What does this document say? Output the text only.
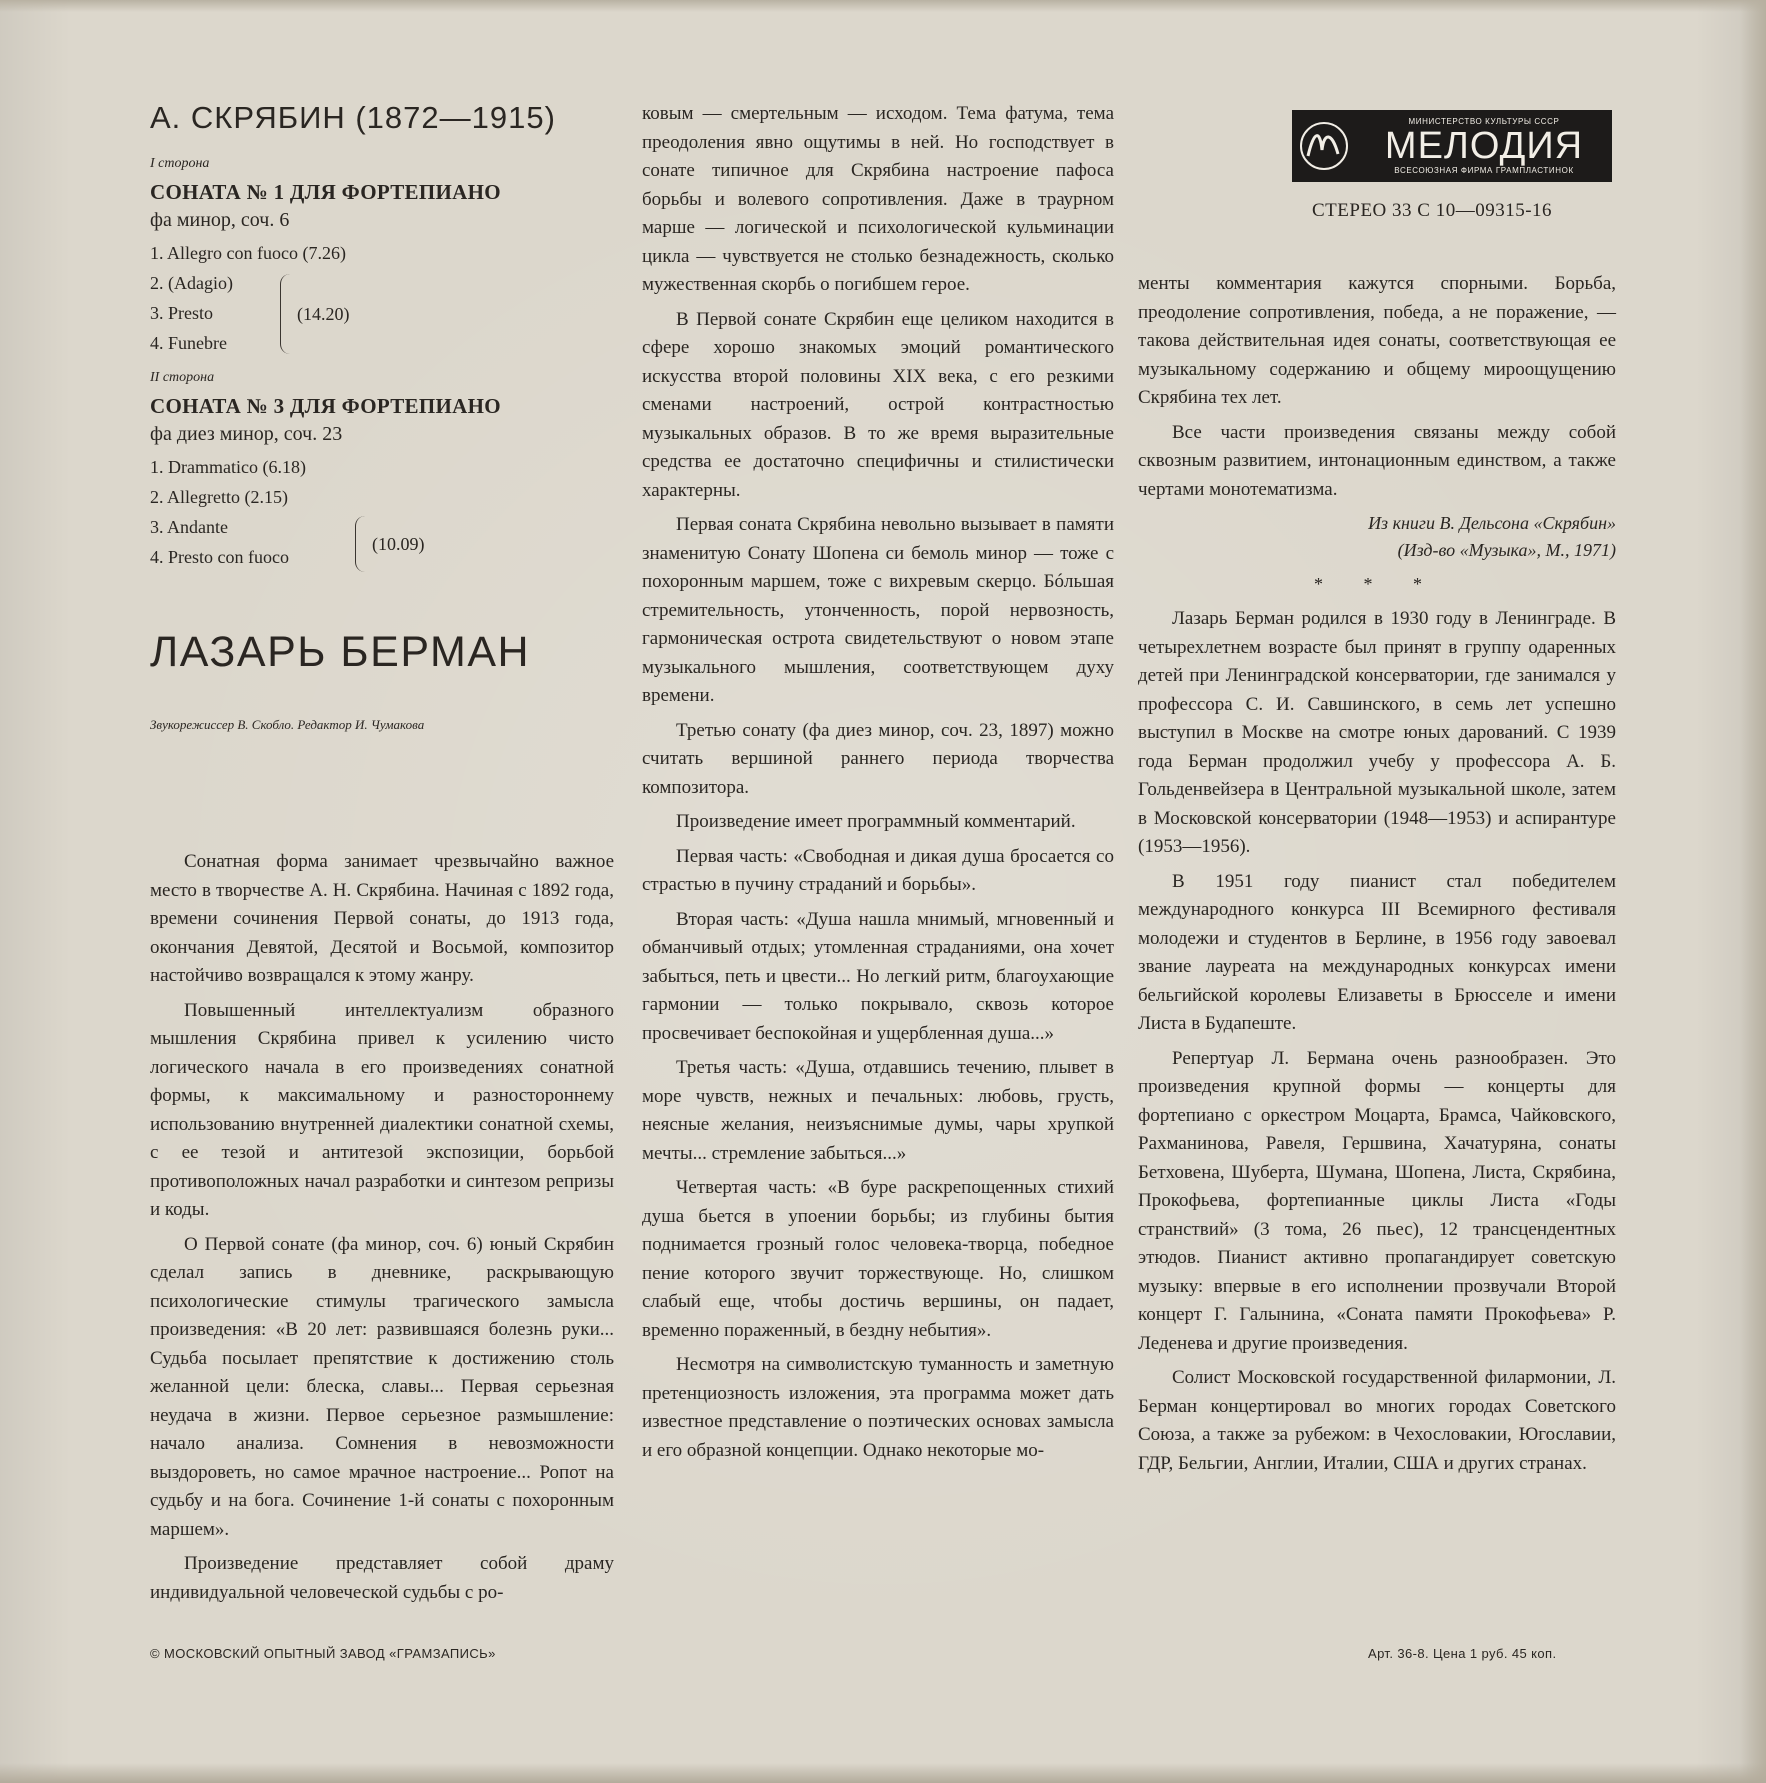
А. СКРЯБИН (1872—1915)
I сторона
СОНАТА № 1 ДЛЯ ФОРТЕПИАНО
фа минор, соч. 6
1. Allegro con fuoco (7.26)
2. (Adagio)
3. Presto
4. Funebre
(14.20)
II сторона
СОНАТА № 3 ДЛЯ ФОРТЕПИАНО
фа диез минор, соч. 23
1. Drammatico (6.18)
2. Allegretto (2.15)
3. Andante
4. Presto con fuoco
(10.09)
ЛАЗАРЬ БЕРМАН
Звукорежиссер В. Скобло. Редактор И. Чумакова

Сонатная форма занимает чрезвычайно важное место в творчестве А. Н. Скрябина. Начиная с 1892 года, времени сочинения Первой сонаты, до 1913 года, окончания Девятой, Десятой и Восьмой, композитор настойчиво возвращался к этому жанру.

Повышенный интеллектуализм образного мышления Скрябина привел к усилению чисто логического начала в его произведениях сонатной формы, к максимальному и разностороннему использованию внутренней диалектики сонатной схемы, с ее тезой и антитезой экспозиции, борьбой противоположных начал разработки и синтезом репризы и коды.

О Первой сонате (фа минор, соч. 6) юный Скрябин сделал запись в дневнике, раскрывающую психологические стимулы трагического замысла произведения: «В 20 лет: развившаяся болезнь руки... Судьба посылает препятствие к достижению столь желанной цели: блеска, славы... Первая серьезная неудача в жизни. Первое серьезное размышление: начало анализа. Сомнения в невозможности выздороветь, но самое мрачное настроение... Ропот на судьбу и на бога. Сочинение 1-й сонаты с похоронным маршем».

Произведение представляет собой драму индивидуальной человеческой судьбы с ро-

ковым — смертельным — исходом. Тема фатума, тема преодоления явно ощутимы в ней. Но господствует в сонате типичное для Скрябина настроение пафоса борьбы и волевого сопротивления. Даже в траурном марше — логической и психологической кульминации цикла — чувствуется не столько безнадежность, сколько мужественная скорбь о погибшем герое.

В Первой сонате Скрябин еще целиком находится в сфере хорошо знакомых эмоций романтического искусства второй половины XIX века, с его резкими сменами настроений, острой контрастностью музыкальных образов. В то же время выразительные средства ее достаточно специфичны и стилистически характерны.

Первая соната Скрябина невольно вызывает в памяти знаменитую Сонату Шопена си бемоль минор — тоже с похоронным маршем, тоже с вихревым скерцо. Бóльшая стремительность, утонченность, порой нервозность, гармоническая острота свидетельствуют о новом этапе музыкального мышления, соответствующем духу времени.

Третью сонату (фа диез минор, соч. 23, 1897) можно считать вершиной раннего периода творчества композитора.

Произведение имеет программный комментарий.

Первая часть: «Свободная и дикая душа бросается со страстью в пучину страданий и борьбы».

Вторая часть: «Душа нашла мнимый, мгновенный и обманчивый отдых; утомленная страданиями, она хочет забыться, петь и цвести... Но легкий ритм, благоухающие гармонии — только покрывало, сквозь которое просвечивает беспокойная и ущербленная душа...»

Третья часть: «Душа, отдавшись течению, плывет в море чувств, нежных и печальных: любовь, грусть, неясные желания, неизъяснимые думы, чары хрупкой мечты... стремление забыться...»

Четвертая часть: «В буре раскрепощенных стихий душа бьется в упоении борьбы; из глубины бытия поднимается грозный голос человека-творца, победное пение которого звучит торжествующе. Но, слишком слабый еще, чтобы достичь вершины, он падает, временно пораженный, в бездну небытия».

Несмотря на символистскую туманность и заметную претенциозность изложения, эта программа может дать известное представление о поэтических основах замысла и его образной концепции. Однако некоторые мо-

МИНИСТЕРСТВО КУЛЬТУРЫ СССР
МЕЛОДИЯ
ВСЕСОЮЗНАЯ ФИРМА ГРАМПЛАСТИНОК
СТЕРЕО 33 С 10—09315-16

менты комментария кажутся спорными. Борьба, преодоление сопротивления, победа, а не поражение, — такова действительная идея сонаты, соответствующая ее музыкальному содержанию и общему мироощущению Скрябина тех лет.

Все части произведения связаны между собой сквозным развитием, интонационным единством, а также чертами монотематизма.

Из книги В. Дельсона «Скрябин»
(Изд-во «Музыка», М., 1971)
* * *

Лазарь Берман родился в 1930 году в Ленинграде. В четырехлетнем возрасте был принят в группу одаренных детей при Ленинградской консерватории, где занимался у профессора С. И. Савшинского, в семь лет успешно выступил в Москве на смотре юных дарований. С 1939 года Берман продолжил учебу у профессора А. Б. Гольденвейзера в Центральной музыкальной школе, затем в Московской консерватории (1948—1953) и аспирантуре (1953—1956).

В 1951 году пианист стал победителем международного конкурса III Всемирного фестиваля молодежи и студентов в Берлине, в 1956 году завоевал звание лауреата на международных конкурсах имени бельгийской королевы Елизаветы в Брюсселе и имени Листа в Будапеште.

Репертуар Л. Бермана очень разнообразен. Это произведения крупной формы — концерты для фортепиано с оркестром Моцарта, Брамса, Чайковского, Рахманинова, Равеля, Гершвина, Хачатуряна, сонаты Бетховена, Шуберта, Шумана, Шопена, Листа, Скрябина, Прокофьева, фортепианные циклы Листа «Годы странствий» (3 тома, 26 пьес), 12 трансцендентных этюдов. Пианист активно пропагандирует советскую музыку: впервые в его исполнении прозвучали Второй концерт Г. Галынина, «Соната памяти Прокофьева» Р. Леденева и другие произведения.

Солист Московской государственной филармонии, Л. Берман концертировал во многих городах Советского Союза, а также за рубежом: в Чехословакии, Югославии, ГДР, Бельгии, Англии, Италии, США и других странах.

© МОСКОВСКИЙ ОПЫТНЫЙ ЗАВОД «ГРАМЗАПИСЬ»	Арт. 36-8. Цена 1 руб. 45 коп.
